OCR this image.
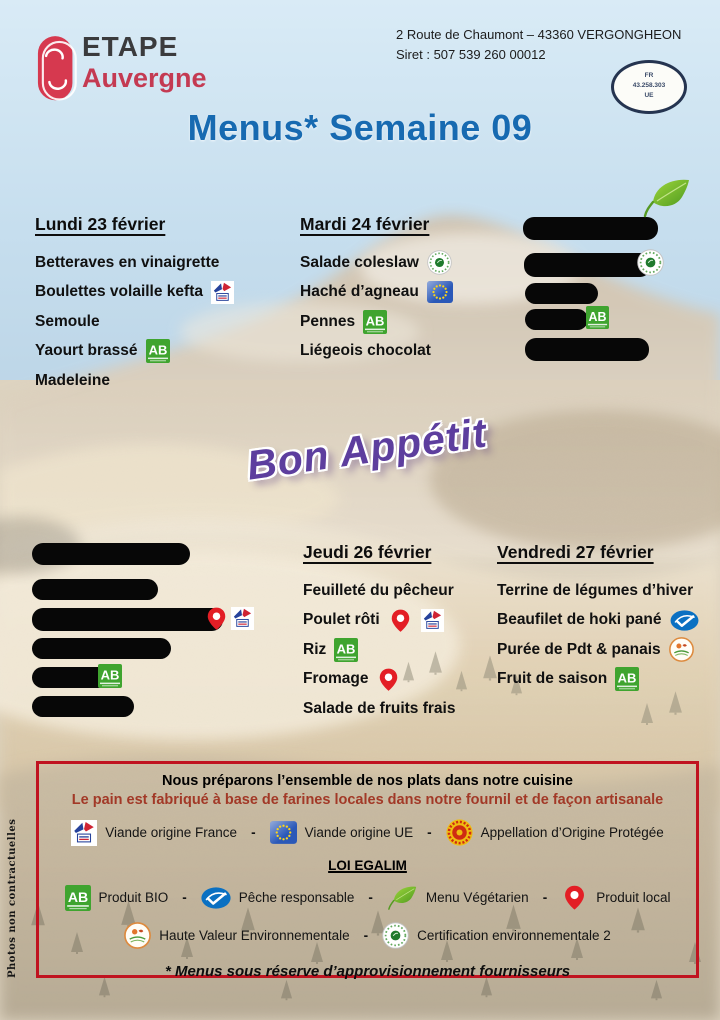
ETAPE
Auvergne
2 Route de Chaumont – 43360 VERGONGHEON
Siret : 507 539 260 00012
FR
43.258.303
UE
Menus* Semaine 09
Lundi 23 février
Betteraves en vinaigrette
Boulettes volaille kefta
Semoule
Yaourt brassé
Madeleine
Mardi 24 février
Salade coleslaw
Haché d’agneau
Pennes
Liégeois chocolat
Bon Appétit
Jeudi 26 février
Feuilleté du pêcheur
Poulet rôti
Riz
Fromage
Salade de fruits frais
Vendredi 27 février
Terrine de légumes d’hiver
Beaufilet de hoki pané
Purée de Pdt & panais
Fruit de saison
Nous préparons l’ensemble de nos plats dans notre cuisine
Le pain est fabriqué à base de farines locales dans notre fournil et de façon artisanale
Viande origine France -	Viande origine UE -	Appellation d’Origine Protégée
LOI EGALIM
Produit BIO -	Pêche responsable -	Menu Végétarien -	Produit local
Haute Valeur Environnementale -	Certification environnementale 2
* Menus sous réserve d’approvisionnement fournisseurs
Photos non contractuelles
